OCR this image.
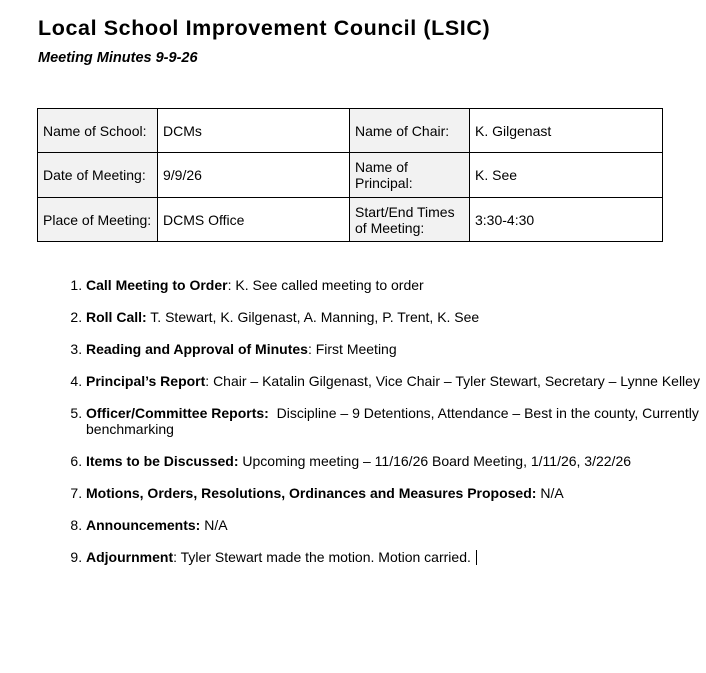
Local School Improvement Council (LSIC)
Meeting Minutes 9-9-26
Name of School:	DCMs	Name of Chair:	K. Gilgenast
Date of Meeting:	9/9/26	Name of Principal:	K. See
Place of Meeting:	DCMS Office	Start/End Times of Meeting:	3:30-4:30
1. Call Meeting to Order: K. See called meeting to order
2. Roll Call: T. Stewart, K. Gilgenast, A. Manning, P. Trent, K. See
3. Reading and Approval of Minutes: First Meeting
4. Principal’s Report: Chair – Katalin Gilgenast, Vice Chair – Tyler Stewart, Secretary – Lynne Kelley
5. Officer/Committee Reports:  Discipline – 9 Detentions, Attendance – Best in the county, Currently benchmarking
6. Items to be Discussed: Upcoming meeting – 11/16/26 Board Meeting, 1/11/26, 3/22/26
7. Motions, Orders, Resolutions, Ordinances and Measures Proposed: N/A
8. Announcements: N/A
9. Adjournment: Tyler Stewart made the motion. Motion carried.
